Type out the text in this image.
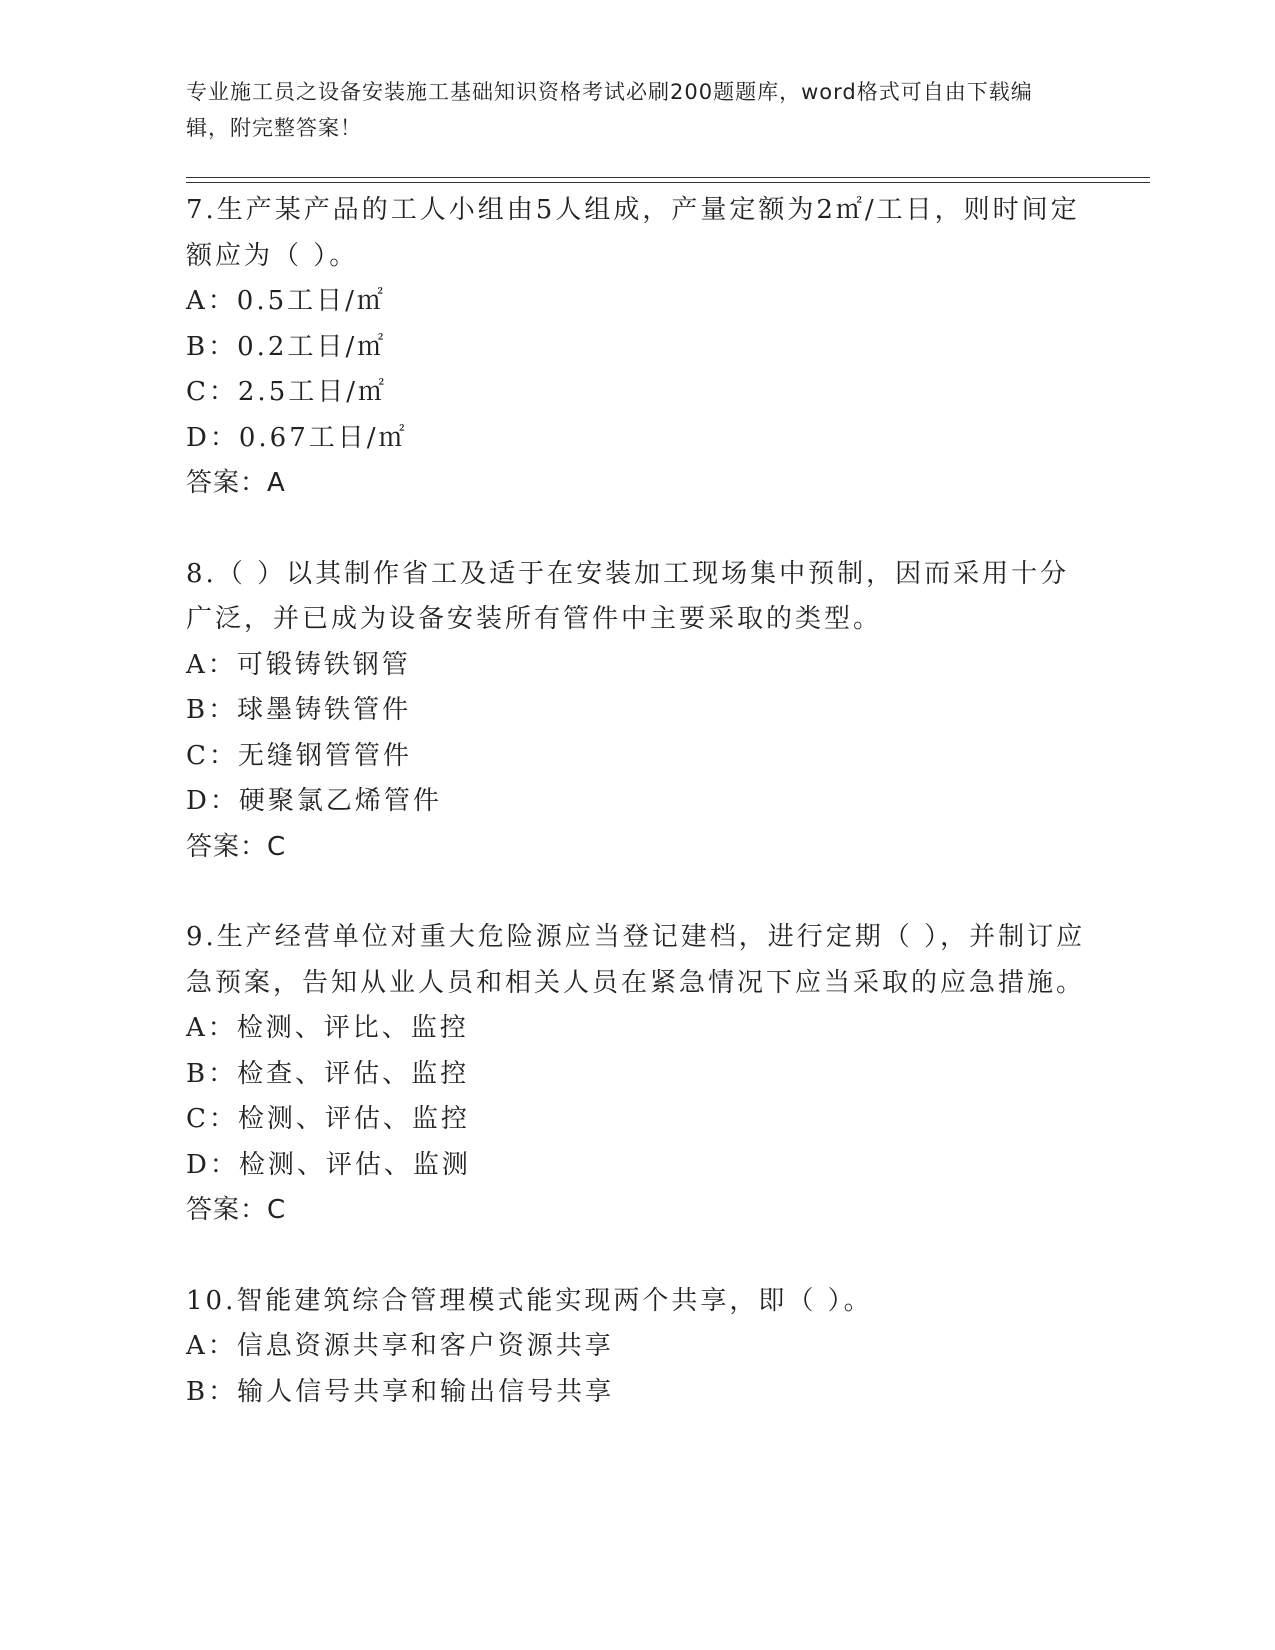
专业施工员之设备安装施工基础知识资格考试必刷200题题库，word格式可自由下载编辑，附完整答案！
7.生产某产品的工人小组由5人组成，产量定额为2㎡/工日，则时间定额应为（ ）。
A：0.5工日/㎡
B：0.2工日/㎡
C：2.5工日/㎡
D：0.67工日/㎡
答案：A
8.（ ）以其制作省工及适于在安装加工现场集中预制，因而采用十分广泛，并已成为设备安装所有管件中主要采取的类型。
A：可锻铸铁钢管
B：球墨铸铁管件
C：无缝钢管管件
D：硬聚氯乙烯管件
答案：C
9.生产经营单位对重大危险源应当登记建档，进行定期（ ），并制订应急预案，告知从业人员和相关人员在紧急情况下应当采取的应急措施。
A：检测、评比、监控
B：检查、评估、监控
C：检测、评估、监控
D：检测、评估、监测
答案：C
10.智能建筑综合管理模式能实现两个共享，即（ ）。
A：信息资源共享和客户资源共享
B：输人信号共享和输出信号共享
